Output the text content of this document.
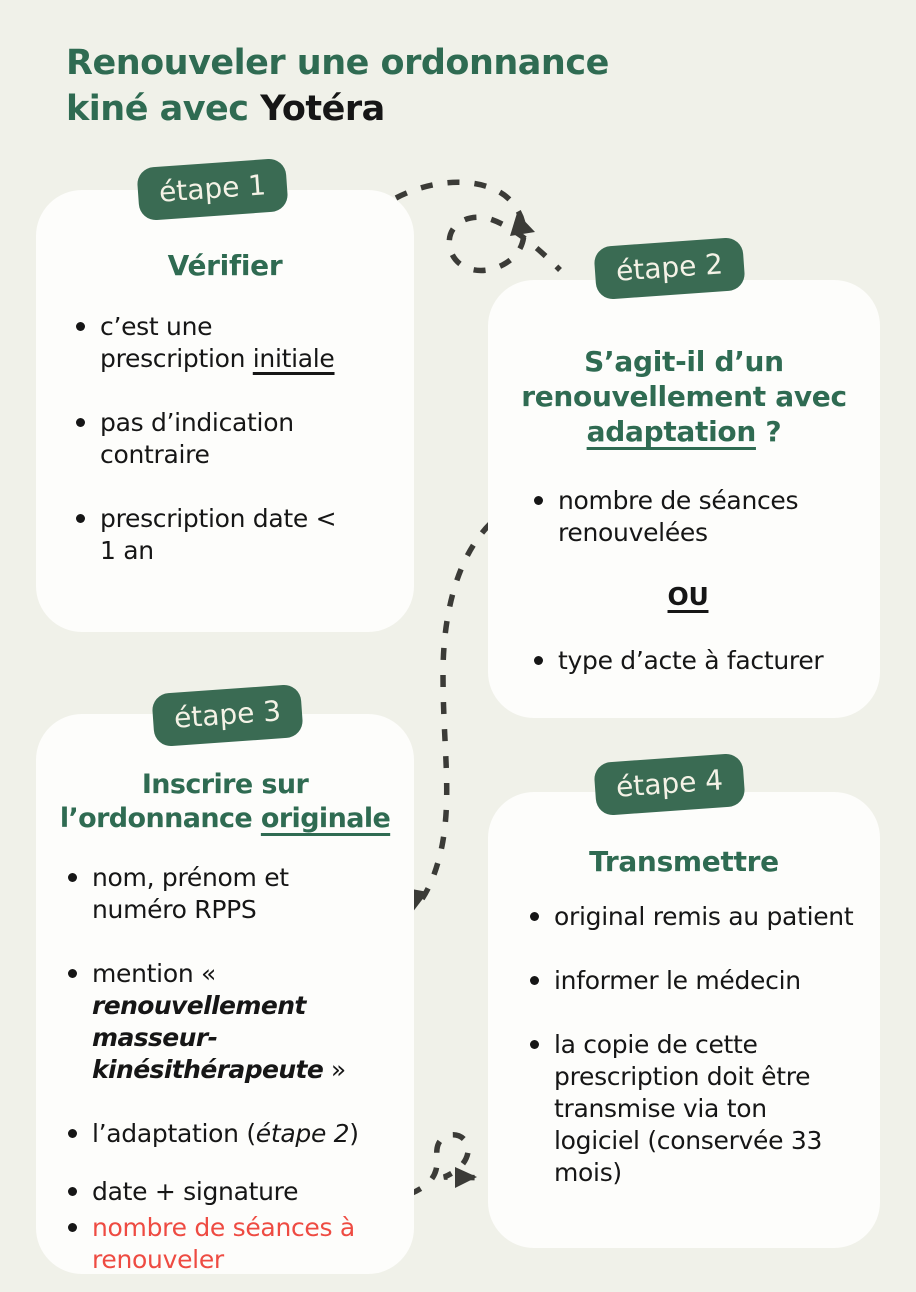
Renouveler une ordonnance
kiné avec Yotéra
étape 1
Vérifier
c’est une prescription initiale
pas d’indication contraire
prescription date < 1 an
étape 2
S’agit-il d’un
renouvellement avec
adaptation ?
nombre de séances renouvelées
OU
type d’acte à facturer
étape 3
Inscrire sur
l’ordonnance originale
nom, prénom et
numéro RPPS
mention « renouvellement masseur-kinésithérapeute »
l’adaptation (étape 2)
date + signature
nombre de séances à renouveler
étape 4
Transmettre
original remis au patient
informer le médecin
la copie de cette prescription doit être transmise via ton logiciel (conservée 33 mois)
